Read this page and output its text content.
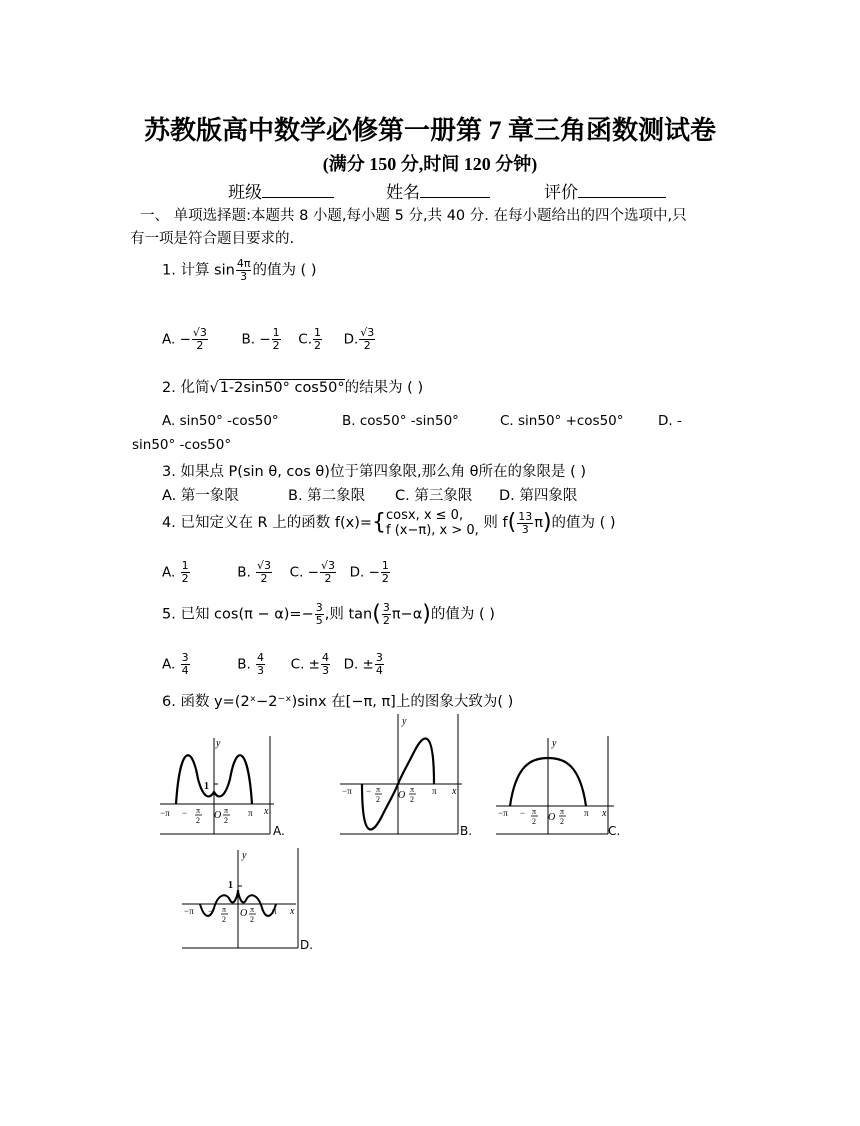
苏教版高中数学必修第一册第 7 章三角函数测试卷
(满分 150 分,时间 120 分钟)
班级	姓名	评价
一、 单项选择题:本题共 8 小题,每小题 5 分,共 40 分. 在每小题给出的四个选项中,只
有一项是符合题目要求的.
1. 计算 $\sin \frac{4\pi}{3}$ 的值为 ( )
A. − $\frac{√3}{2} B$. − $\frac{1}{2} C$. $\frac{1}{2} D$. $\frac{√3}{2}$
2. 化简√1-2sin50° cos50°的结果为 ( )
A. sin50° -cos50°	B. cos50° -sin50°	C. sin50° +cos50°	D. -
sin50° -cos50°
3. 如果点 P(sin θ, cos θ)位于第四象限,那么角 θ所在的象限是 ( )
A. 第一象限	B. 第二象限 C. 第三象限 D. 第四象限
4. 已知定义在 R 上的函数 f(x)={ cosx, x ≤ 0,
f (x−π), x > 0, 则 $f( \frac{13}{3} \pi)$的值为 ( )
A. $\frac{1}{2}$	B. $\frac{√3}{2} C$. − $\frac{√3}{2} D$. − $\frac{1}{2}$
5. 已知 $\cos(\pi - \alpha)=- \frac{3}{5}$ ,则 $\tan( \frac{3}{2} \pi-\alpha)$的值为 ( )
A. $\frac{3}{4}$	B. $\frac{4}{3} C$. ± $\frac{4}{3} D$. ± $\frac{3}{4}$
6. 函数 y=(2ˣ−2⁻ˣ)sinx 在[−π, π]上的图象大致为( )
y
x
1
−π − π
2 O π
2
π
A.
y
x
−π − π
2 O
π
2
π
B.
y
x
−π − π
2 O
π
2
π
C.
y
x
1
−π − π
2
O π
2
π
D.
